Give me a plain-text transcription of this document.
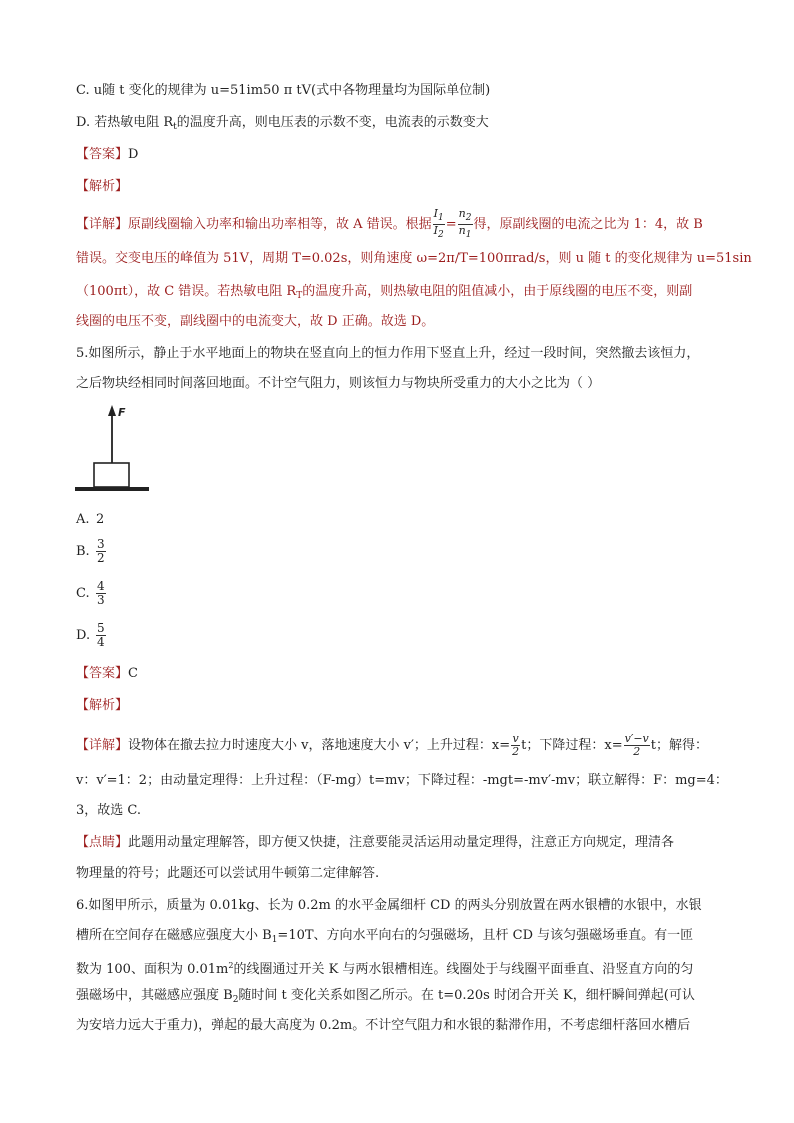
C. u随 t 变化的规律为 u=51im50 π tV(式中各物理量均为国际单位制)
D. 若热敏电阻 $R_t$的温度升高，则电压表的示数不变，电流表的示数变大
【答案】D
【解析】
【详解】原副线圈输入功率和输出功率相等，故 A 错误。根据 $\frac{I_1}{I_2} = \frac{n_2}{n_1}$ 得，原副线圈的电流之比为 1：4，故 B
错误。交变电压的峰值为 51V，周期 T=0.02s，则角速度 ω=2π/T=100πrad/s，则 u 随 t 的变化规律为 u=51sin
（100πt），故 C 错误。若热敏电阻 $R_T$的温度升高，则热敏电阻的阻值减小，由于原线圈的电压不变，则副
线圈的电压不变，副线圈中的电流变大，故 D 正确。故选 D。
5.如图所示，静止于水平地面上的物块在竖直向上的恒力作用下竖直上升，经过一段时间，突然撤去该恒力，
之后物块经相同时间落回地面。不计空气阻力，则该恒力与物块所受重力的大小之比为（ ）
F
A. 2
B. $\frac{3}{2}$
C. $\frac{4}{3}$
D. $\frac{5}{4}$
【答案】C
【解析】
【详解】设物体在撤去拉力时速度大小 v，落地速度大小 v′；上升过程：$x= \frac{v}{2}$ t；下降过程：$x= \frac{v'-v}{2}$ t；解得：
v：v′=1：2；由动量定理得：上升过程：（F-mg）t=mv；下降过程：-mgt=-mv′-mv；联立解得：F：mg=4：
3，故选 C.
【点睛】此题用动量定理解答，即方便又快捷，注意要能灵活运用动量定理得，注意正方向规定，理清各
物理量的符号；此题还可以尝试用牛顿第二定律解答.
6.如图甲所示，质量为 0.01kg、长为 0.2m 的水平金属细杆 CD 的两头分别放置在两水银槽的水银中，水银
槽所在空间存在磁感应强度大小 $B_1=10T$、方向水平向右的匀强磁场，且杆 CD 与该匀强磁场垂直。有一匝
数为 100、面积为 $0.01m^2$的线圈通过开关 K 与两水银槽相连。线圈处于与线圈平面垂直、沿竖直方向的匀
强磁场中，其磁感应强度 $B_2$随时间 t 变化关系如图乙所示。在 t=0.20s 时闭合开关 K，细杆瞬间弹起(可认
为安培力远大于重力)，弹起的最大高度为 0.2m。不计空气阻力和水银的黏滞作用，不考虑细杆落回水槽后
